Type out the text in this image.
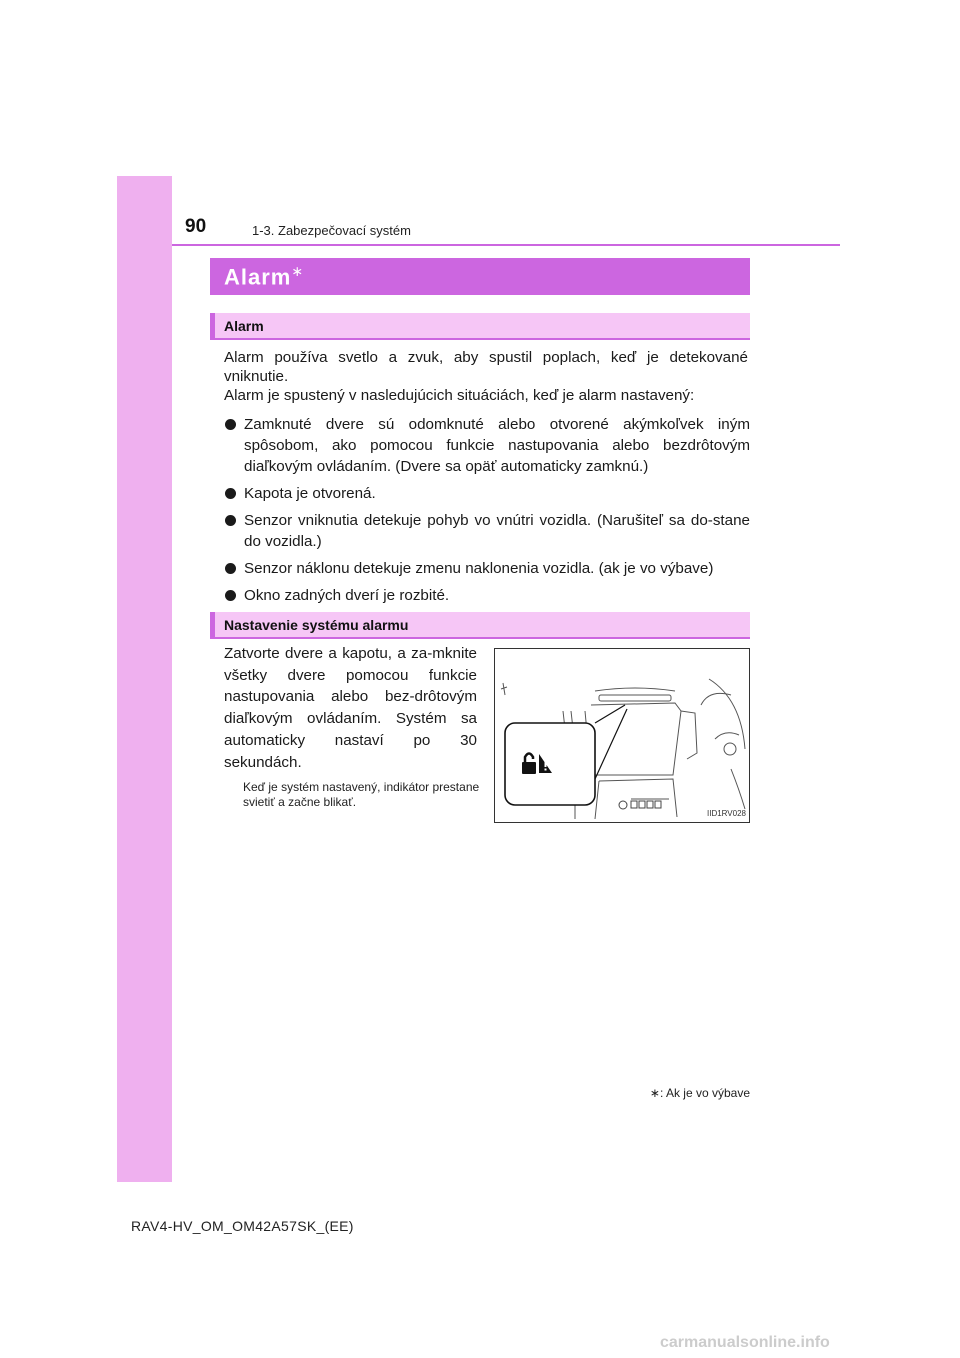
90	1-3. Zabezpečovací systém
Alarm∗
Alarm
Alarm používa svetlo a zvuk, aby spustil poplach, keď je detekované vniknutie.
Alarm je spustený v nasledujúcich situáciách, keď je alarm nastavený:
Zamknuté dvere sú odomknuté alebo otvorené akýmkoľvek iným spôsobom, ako pomocou funkcie nastupovania alebo bezdrôtovým diaľkovým ovládaním. (Dvere sa opäť automaticky zamknú.)
Kapota je otvorená.
Senzor vniknutia detekuje pohyb vo vnútri vozidla. (Narušiteľ sa do-stane do vozidla.)
Senzor náklonu detekuje zmenu naklonenia vozidla. (ak je vo výbave)
Okno zadných dverí je rozbité.
Nastavenie systému alarmu
Zatvorte dvere a kapotu, a za-mknite všetky dvere pomocou funkcie nastupovania alebo bez-drôtovým diaľkovým ovládaním. Systém sa automaticky nastaví po 30 sekundách.
Keď je systém nastavený, indikátor prestane svietiť a začne blikať.
IID1RV028
∗: Ak je vo výbave
RAV4-HV_OM_OM42A57SK_(EE)
carmanualsonline.info
